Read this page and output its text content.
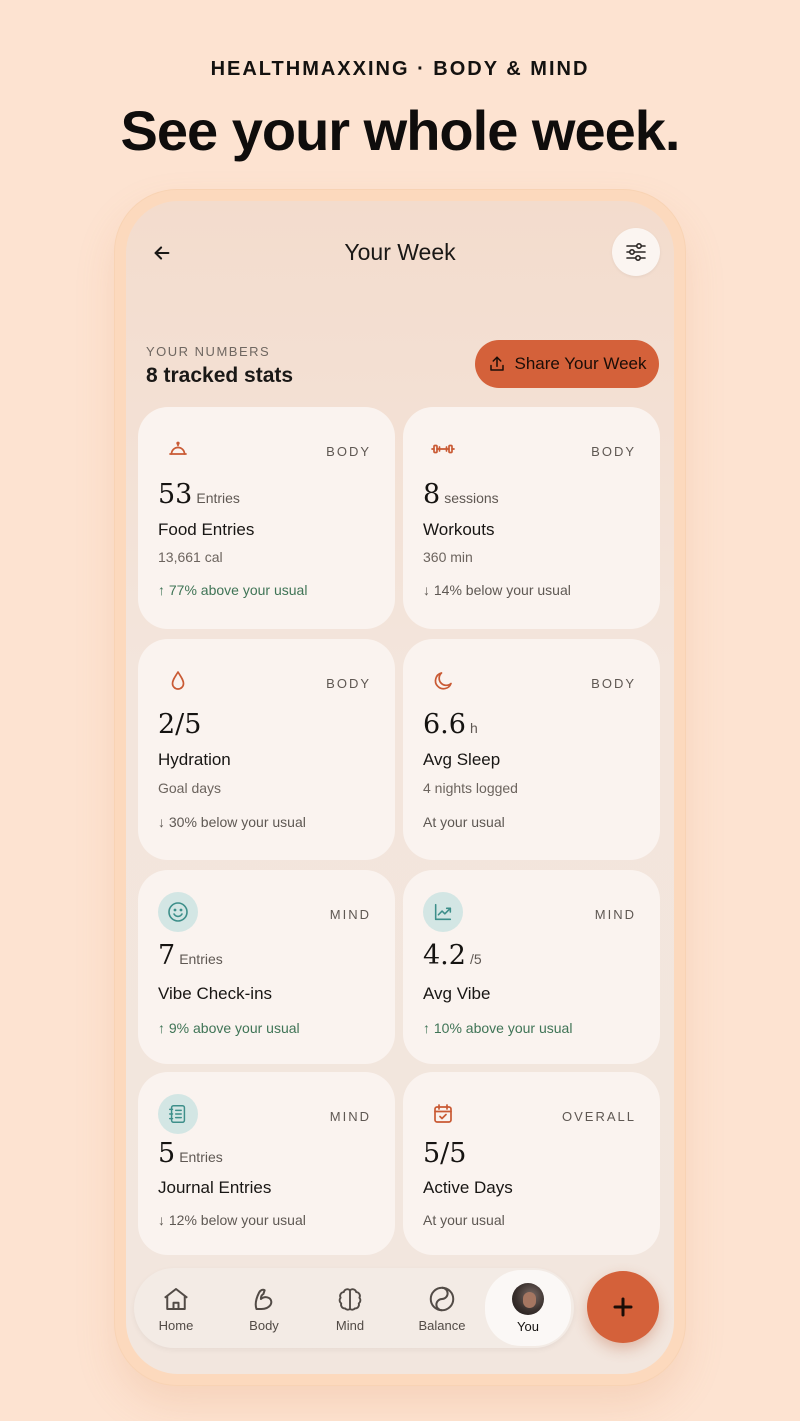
HEALTHMAXXING · BODY & MIND
See your whole week.
Your Week
YOUR NUMBERS
8 tracked stats
Share Your Week
BODY
53 Entries
Food Entries
13,661 cal
↑ 77% above your usual
BODY
8 sessions
Workouts
360 min
↓ 14% below your usual
BODY
2/5
Hydration
Goal days
↓ 30% below your usual
BODY
6.6 h
Avg Sleep
4 nights logged
At your usual
MIND
7 Entries
Vibe Check-ins
↑ 9% above your usual
MIND
4.2 /5
Avg Vibe
↑ 10% above your usual
MIND
5 Entries
Journal Entries
↓ 12% below your usual
OVERALL
5/5
Active Days
At your usual
Home	Body	Mind	Balance	You
